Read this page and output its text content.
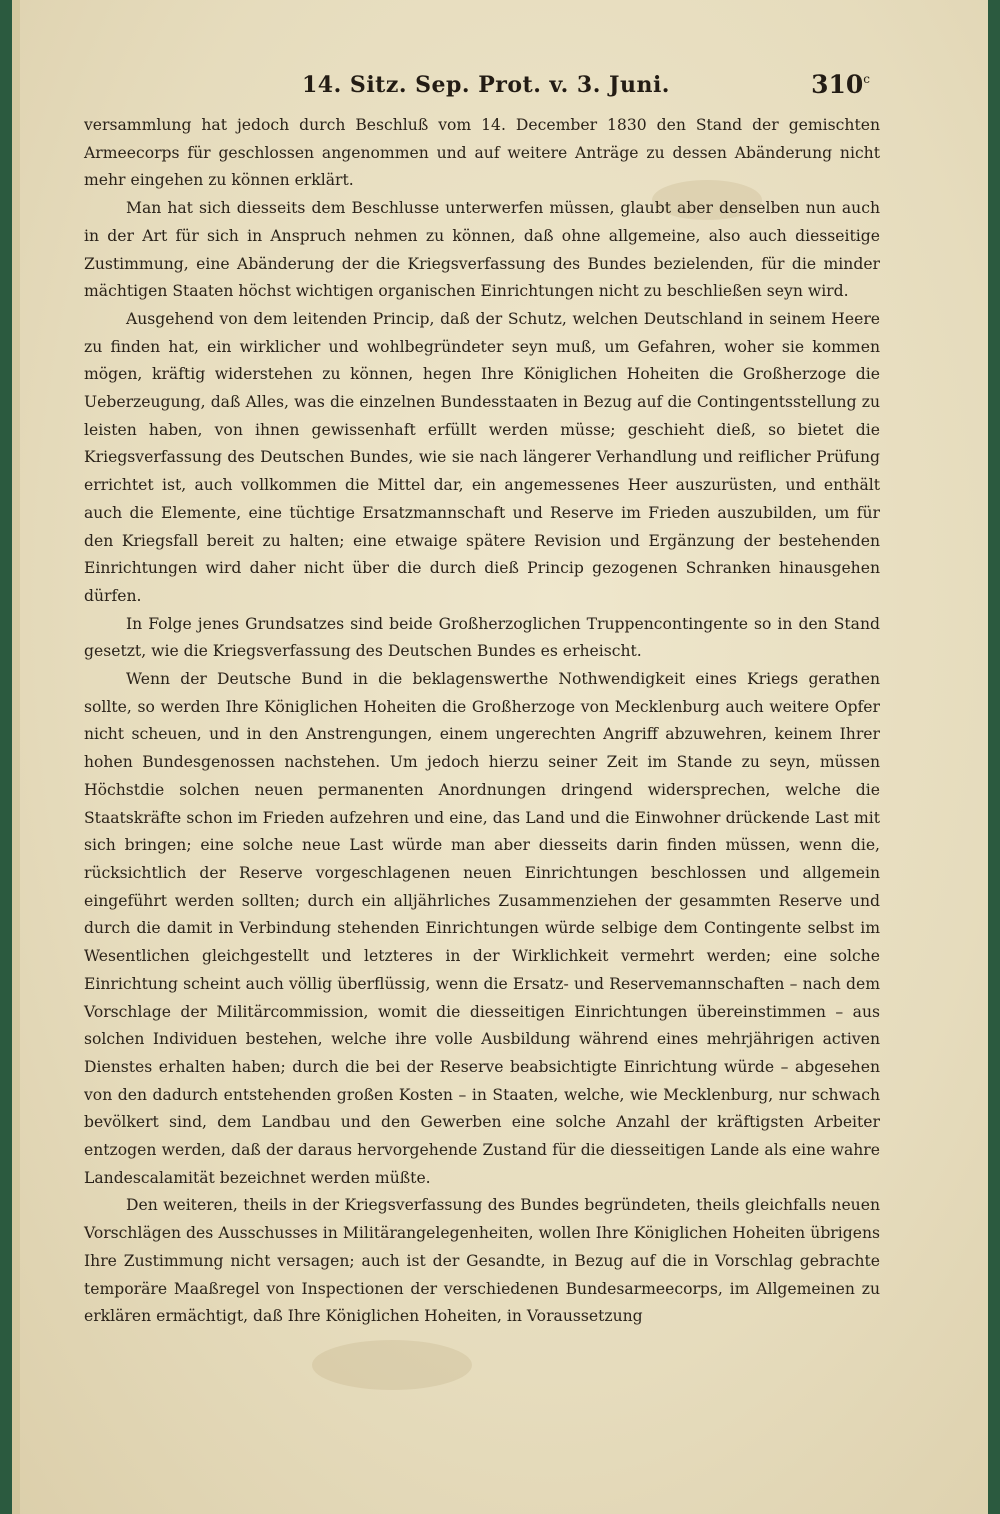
14. Sitz. Sep. Prot. v. 3. Juni.	310$^c$

versammlung hat jedoch durch Beschluß vom 14. December 1830 den Stand der gemischten Armeecorps für geschlossen angenommen und auf weitere Anträge zu dessen Abänderung nicht mehr eingehen zu können erklärt.

Man hat sich diesseits dem Beschlusse unterwerfen müssen, glaubt aber denselben nun auch in der Art für sich in Anspruch nehmen zu können, daß ohne allgemeine, also auch diesseitige Zustimmung, eine Abänderung der die Kriegsverfassung des Bundes bezielenden, für die minder mächtigen Staaten höchst wichtigen organischen Einrichtungen nicht zu beschließen seyn wird.

Ausgehend von dem leitenden Princip, daß der Schutz, welchen Deutschland in seinem Heere zu finden hat, ein wirklicher und wohlbegründeter seyn muß, um Gefahren, woher sie kommen mögen, kräftig widerstehen zu können, hegen Ihre Königlichen Hoheiten die Großherzoge die Ueberzeugung, daß Alles, was die einzelnen Bundesstaaten in Bezug auf die Contingentsstellung zu leisten haben, von ihnen gewissenhaft erfüllt werden müsse; geschieht dieß, so bietet die Kriegsverfassung des Deutschen Bundes, wie sie nach längerer Verhandlung und reiflicher Prüfung errichtet ist, auch vollkommen die Mittel dar, ein angemessenes Heer auszurüsten, und enthält auch die Elemente, eine tüchtige Ersatzmannschaft und Reserve im Frieden auszubilden, um für den Kriegsfall bereit zu halten; eine etwaige spätere Revision und Ergänzung der bestehenden Einrichtungen wird daher nicht über die durch dieß Princip gezogenen Schranken hinausgehen dürfen.

In Folge jenes Grundsatzes sind beide Großherzoglichen Truppencontingente so in den Stand gesetzt, wie die Kriegsverfassung des Deutschen Bundes es erheischt.

Wenn der Deutsche Bund in die beklagenswerthe Nothwendigkeit eines Kriegs gerathen sollte, so werden Ihre Königlichen Hoheiten die Großherzoge von Mecklenburg auch weitere Opfer nicht scheuen, und in den Anstrengungen, einem ungerechten Angriff abzuwehren, keinem Ihrer hohen Bundesgenossen nachstehen. Um jedoch hierzu seiner Zeit im Stande zu seyn, müssen Höchstdie solchen neuen permanenten Anordnungen dringend widersprechen, welche die Staatskräfte schon im Frieden aufzehren und eine, das Land und die Einwohner drückende Last mit sich bringen; eine solche neue Last würde man aber diesseits darin finden müssen, wenn die, rücksichtlich der Reserve vorgeschlagenen neuen Einrichtungen beschlossen und allgemein eingeführt werden sollten; durch ein alljährliches Zusammenziehen der gesammten Reserve und durch die damit in Verbindung stehenden Einrichtungen würde selbige dem Contingente selbst im Wesentlichen gleichgestellt und letzteres in der Wirklichkeit vermehrt werden; eine solche Einrichtung scheint auch völlig überflüssig, wenn die Ersatz- und Reservemannschaften – nach dem Vorschlage der Militärcommission, womit die diesseitigen Einrichtungen übereinstimmen – aus solchen Individuen bestehen, welche ihre volle Ausbildung während eines mehrjährigen activen Dienstes erhalten haben; durch die bei der Reserve beabsichtigte Einrichtung würde – abgesehen von den dadurch entstehenden großen Kosten – in Staaten, welche, wie Mecklenburg, nur schwach bevölkert sind, dem Landbau und den Gewerben eine solche Anzahl der kräftigsten Arbeiter entzogen werden, daß der daraus hervorgehende Zustand für die diesseitigen Lande als eine wahre Landescalamität bezeichnet werden müßte.

Den weiteren, theils in der Kriegsverfassung des Bundes begründeten, theils gleichfalls neuen Vorschlägen des Ausschusses in Militärangelegenheiten, wollen Ihre Königlichen Hoheiten übrigens Ihre Zustimmung nicht versagen; auch ist der Gesandte, in Bezug auf die in Vorschlag gebrachte temporäre Maaßregel von Inspectionen der verschiedenen Bundesarmeecorps, im Allgemeinen zu erklären ermächtigt, daß Ihre Königlichen Hoheiten, in Voraussetzung
